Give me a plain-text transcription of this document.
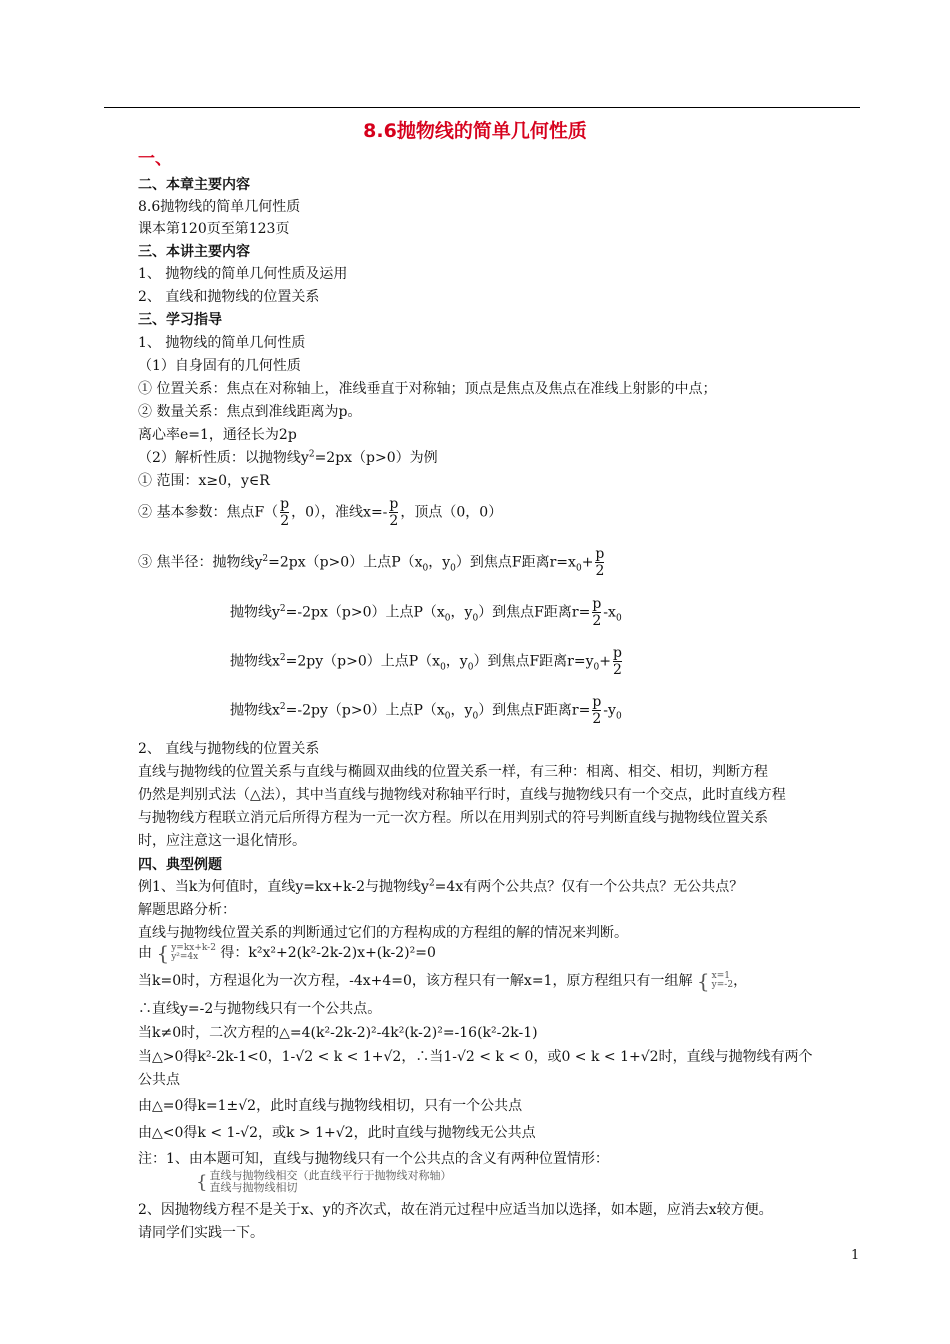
8.6抛物线的简单几何性质
一、
二、本章主要内容
8.6抛物线的简单几何性质
课本第120页至第123页
三、本讲主要内容
1、 抛物线的简单几何性质及运用
2、 直线和抛物线的位置关系
三、学习指导
1、 抛物线的简单几何性质
（1）自身固有的几何性质
① 位置关系：焦点在对称轴上，准线垂直于对称轴；顶点是焦点及焦点在准线上射影的中点；
② 数量关系：焦点到准线距离为p。
离心率e=1，通径长为2p
（2）解析性质：以抛物线$y^2=2px(p>0)$为例
① 范围：x≥0，y∈R
② 基本参数：焦点$F( \frac{p}{2}$ ，0），准线$x=- \frac{p}{2}$ ，顶点（0，0）
③ 焦半径：抛物线$y^2=2px(p>0)$上点$P(x_0$，$y_0$）到焦点F距离$r=x_0+ \frac{p}{2}$
抛物线$y^2=-2px(p>0)$上点$P(x_0$，$y_0$）到焦点F距离$r= \frac{p}{2} -x_0$
抛物线$x^2=2py(p>0)$上点$P(x_0$，$y_0$）到焦点F距离$r=y_0+ \frac{p}{2}$
抛物线$x^2=-2py(p>0)$上点$P(x_0$，$y_0$）到焦点F距离$r= \frac{p}{2} -y_0$
2、 直线与抛物线的位置关系
直线与抛物线的位置关系与直线与椭圆双曲线的位置关系一样，有三种：相离、相交、相切，判断方程
仍然是判别式法（△法），其中当直线与抛物线对称轴平行时，直线与抛物线只有一个交点，此时直线方程
与抛物线方程联立消元后所得方程为一元一次方程。所以在用判别式的符号判断直线与抛物线位置关系
时，应注意这一退化情形。
四、典型例题
例1、当k为何值时，直线y=kx+k-2与抛物线$y^2=4x$有两个公共点？仅有一个公共点？无公共点？
解题思路分析：
直线与抛物线位置关系的判断通过它们的方程构成的方程组的解的情况来判断。
由 { y=kx+k-2
y²=4x 得：k²x²+2(k²-2k-2)x+(k-2)²=0
当k=0时，方程退化为一次方程，-4x+4=0，该方程只有一解x=1，原方程组只有一组解 { x=1
y=-2，
∴直线y=-2与抛物线只有一个公共点。
当k≠0时，二次方程的△=4(k²-2k-2)²-4k²(k-2)²=-16(k²-2k-1)
当△>0得k²-2k-1<0，1-√2 < k < 1+√2，∴当1-√2 < k < 0，或0 < k < 1+√2时，直线与抛物线有两个
公共点
由△=0得k=1±√2，此时直线与抛物线相切，只有一个公共点
由△<0得k < 1-√2，或k > 1+√2，此时直线与抛物线无公共点
注：1、由本题可知，直线与抛物线只有一个公共点的含义有两种位置情形：
{ 直线与抛物线相交（此直线平行于抛物线对称轴）
直线与抛物线相切
2、因抛物线方程不是关于x、y的齐次式，故在消元过程中应适当加以选择，如本题，应消去x较方便。
请同学们实践一下。
1
